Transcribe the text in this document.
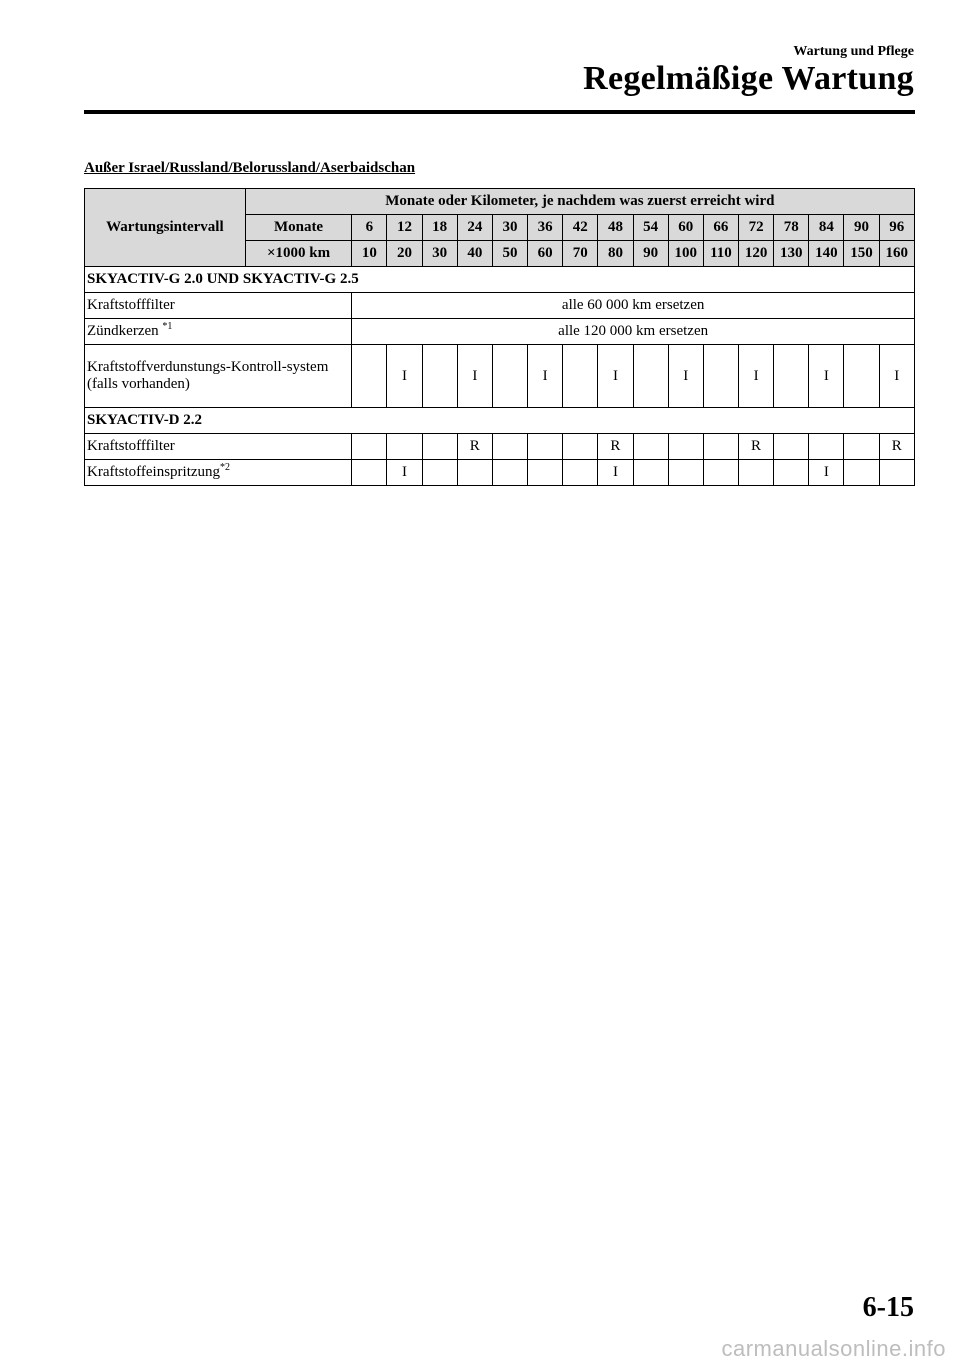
Wartung und Pflege
Regelmäßige Wartung
Außer Israel/Russland/Belorussland/Aserbaidschan
Wartungsintervall	Monate oder Kilometer, je nachdem was zuerst erreicht wird																
	Monate	6	12	18	24	30	36	42	48	54	60	66	72	78	84	90	96
	×1000 km	10	20	30	40	50	60	70	80	90	100	110	120	130	140	150	160
SKYACTIV-G 2.0 UND SKYACTIV-G 2.5																	
Kraftstofffilter		alle 60 000 km ersetzen															
Zündkerzen $^{*1}$		alle 120 000 km ersetzen															
Kraftstoffverdunstungs-Kontroll-system (falls vorhanden)			I		I		I		I		I		I		I		I
SKYACTIV-D 2.2																	
Kraftstofffilter					R				R				R				R
Kraftstoffeinspritzung$^{*2}$			I						I						I		
6-15
carmanualsonline.info
